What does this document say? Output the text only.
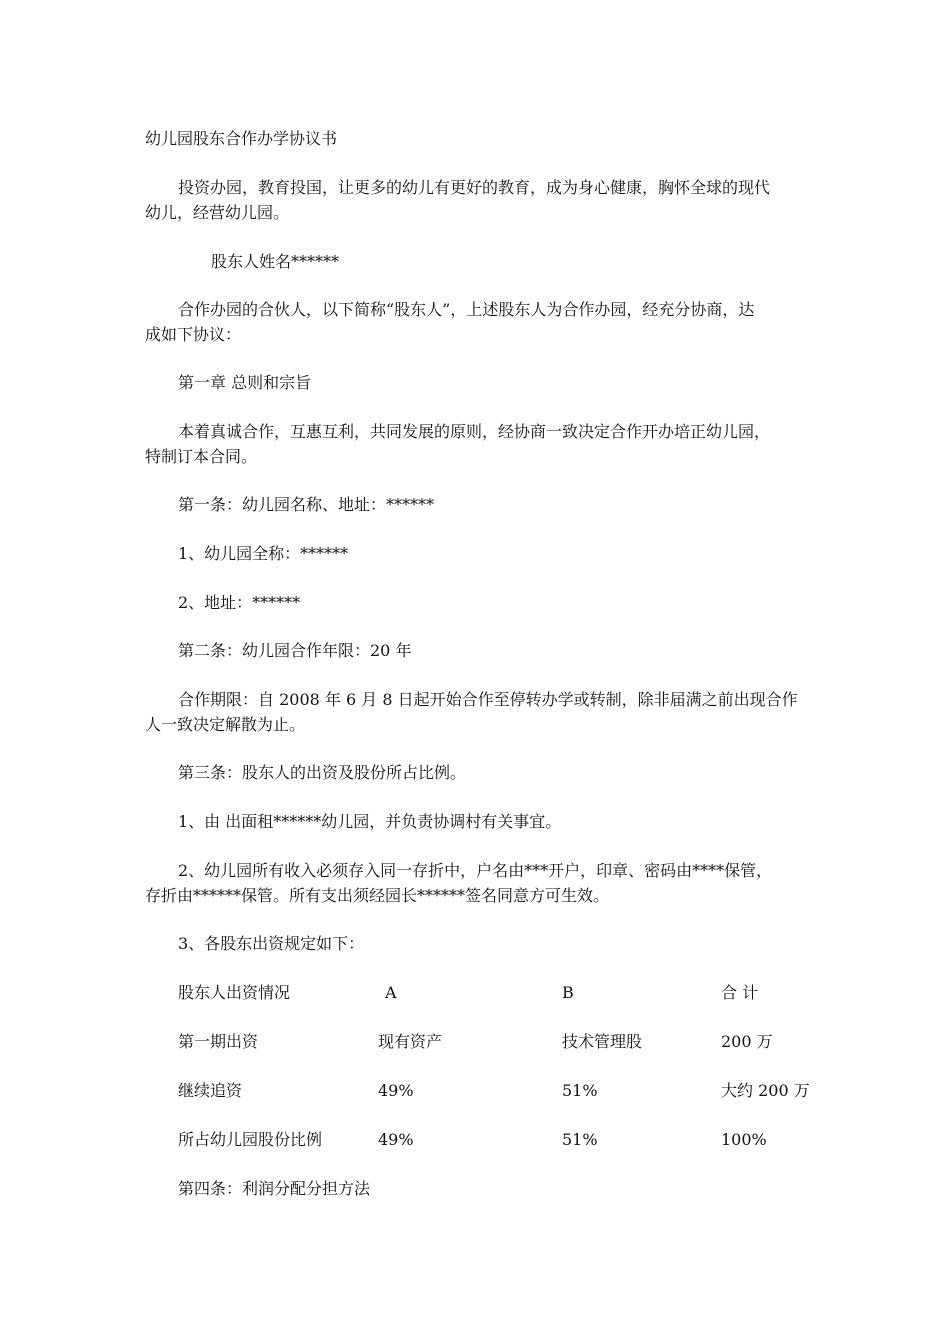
幼儿园股东合作办学协议书
投资办园，教育投国，让更多的幼儿有更好的教育，成为身心健康，胸怀全球的现代
幼儿，经营幼儿园。
股东人姓名******
合作办园的合伙人，以下简称“股东人”，上述股东人为合作办园，经充分协商，达
成如下协议：
第一章 总则和宗旨
本着真诚合作，互惠互利，共同发展的原则，经协商一致决定合作开办培正幼儿园，
特制订本合同。
第一条：幼儿园名称、地址：******
1、幼儿园全称：******
2、地址：******
第二条：幼儿园合作年限：20 年
合作期限：自 2008 年 6 月 8 日起开始合作至停转办学或转制，除非届满之前出现合作
人一致决定解散为止。
第三条：股东人的出资及股份所占比例。
1、由 出面租******幼儿园，并负责协调村有关事宜。
2、幼儿园所有收入必须存入同一存折中，户名由***开户，印章、密码由****保管，
存折由******保管。所有支出须经园长******签名同意方可生效。
3、各股东出资规定如下：
股东人出资情况	A	B	合 计
第一期出资	现有资产	技术管理股	200 万
继续追资	49%	51%	大约 200 万
所占幼儿园股份比例	49%	51%	100%
第四条：利润分配分担方法
